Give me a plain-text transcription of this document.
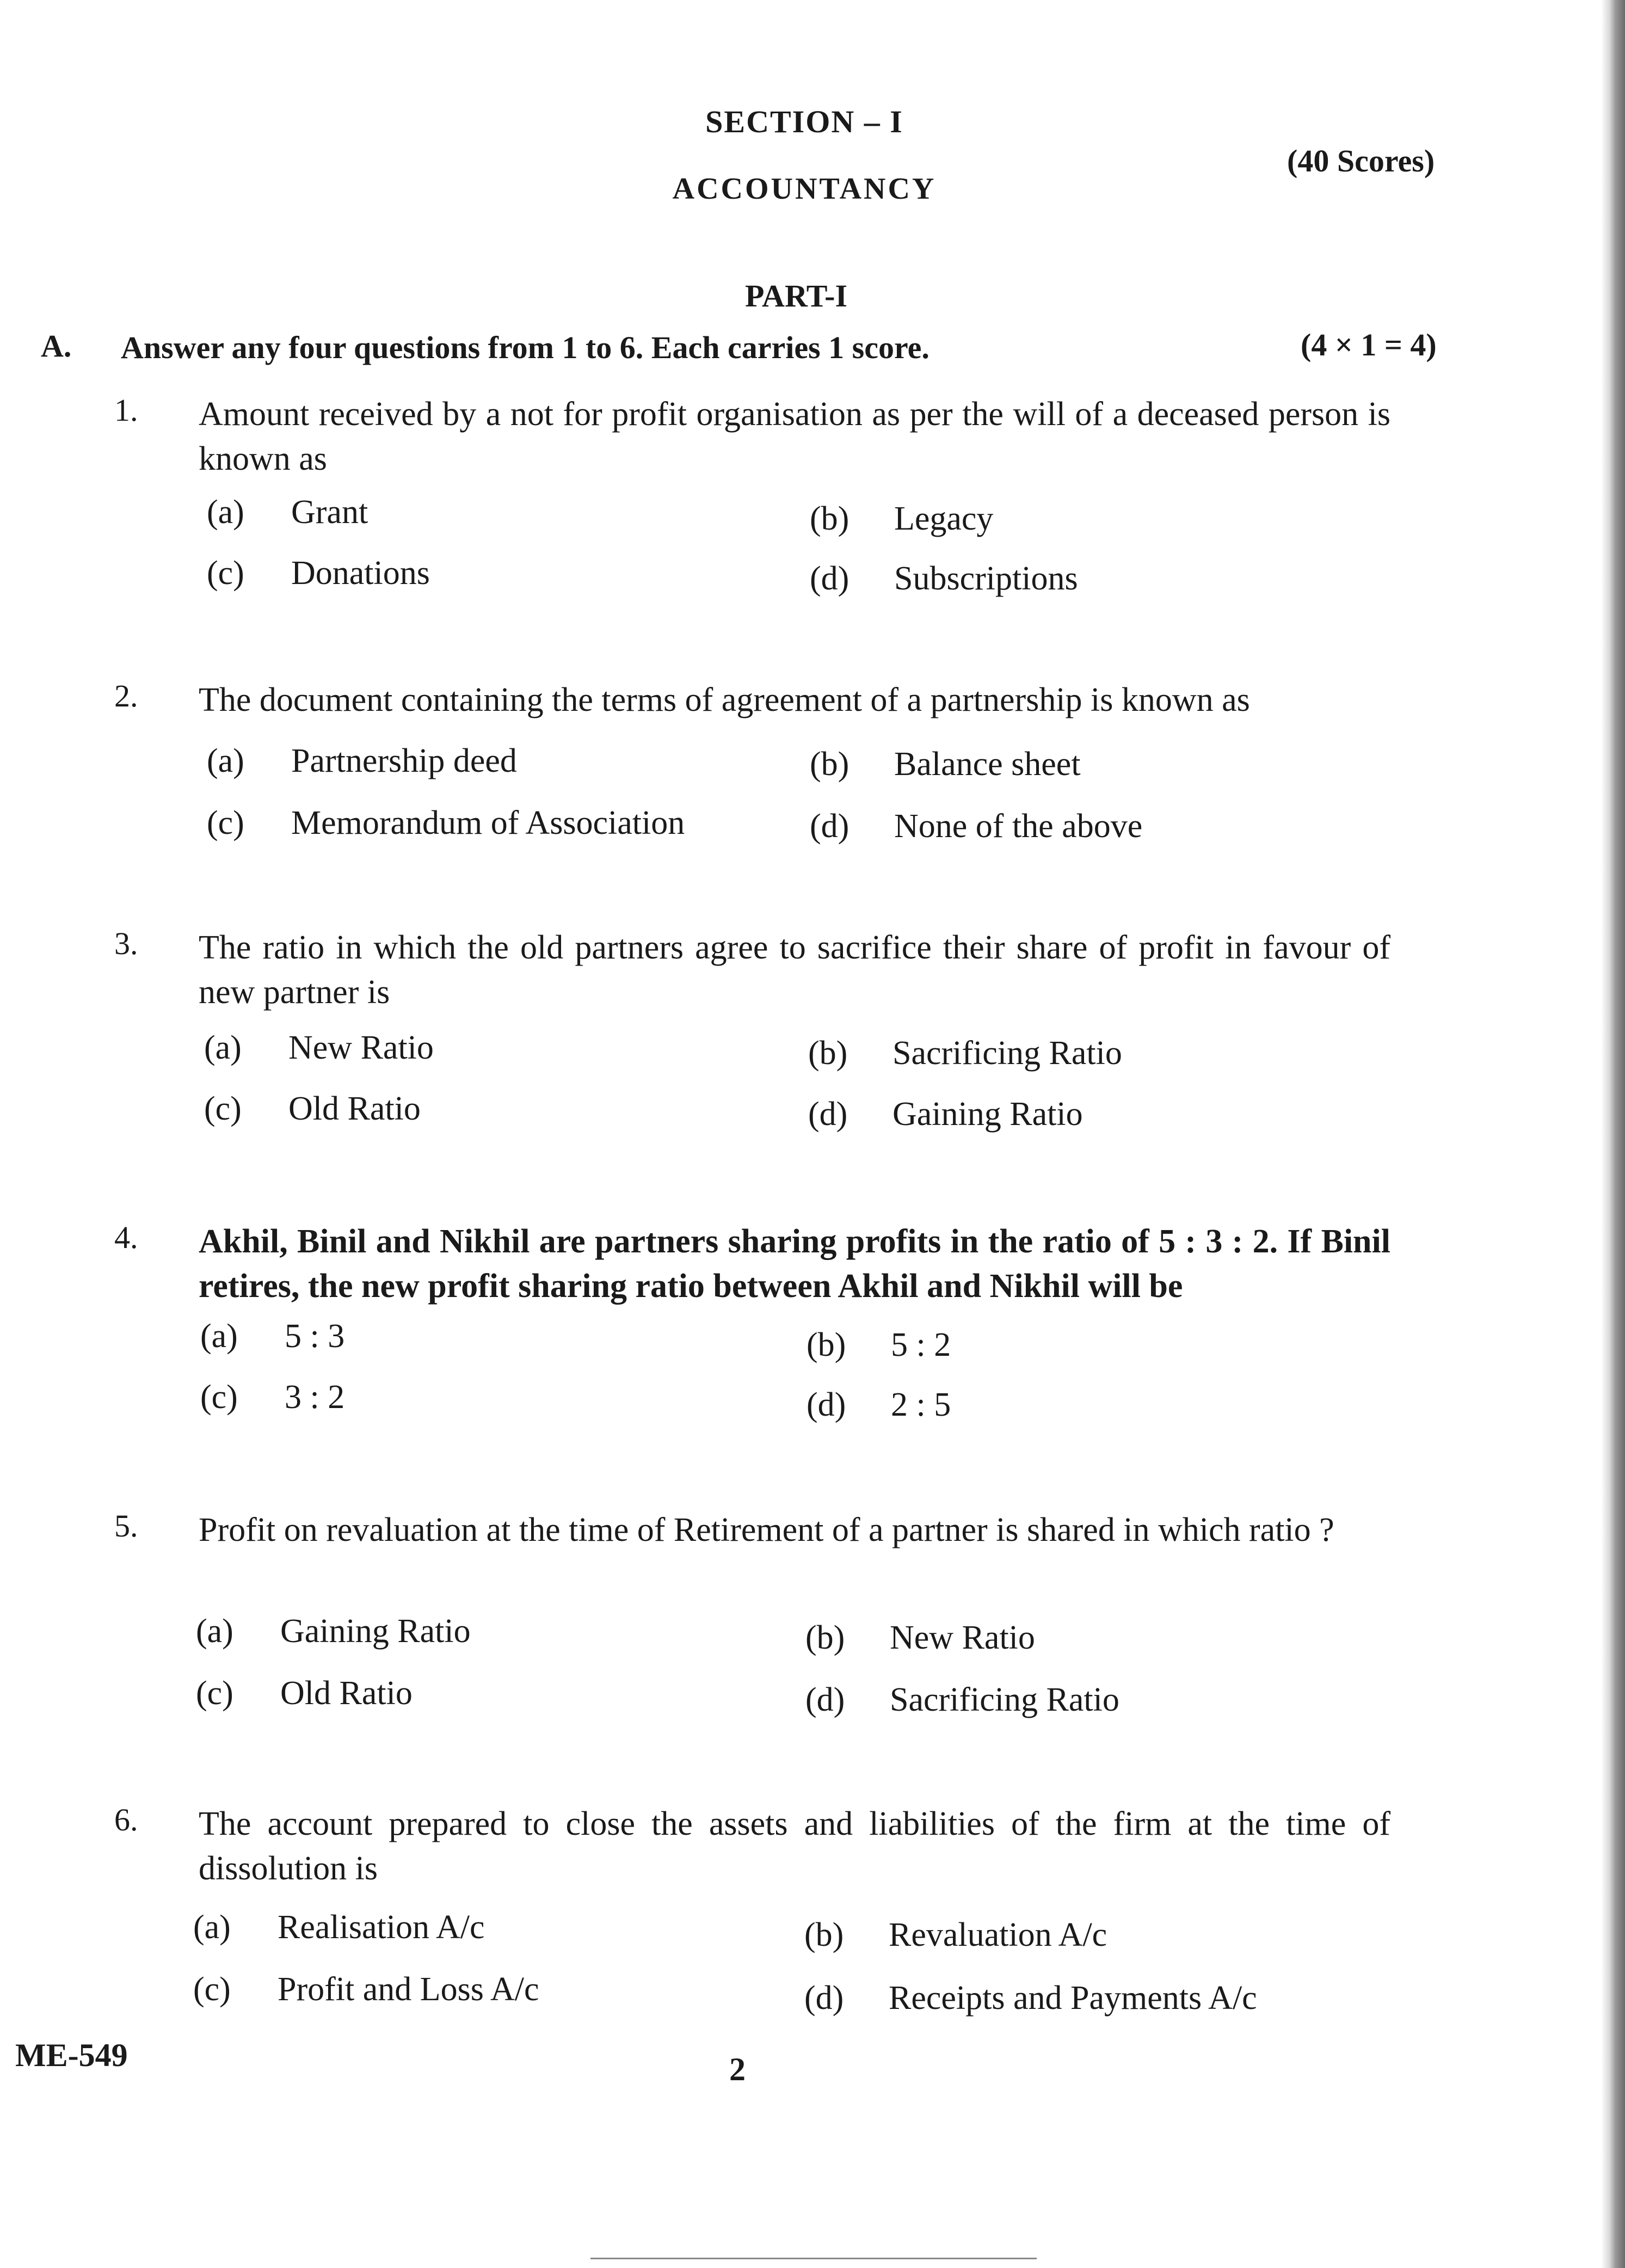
SECTION – I
ACCOUNTANCY
(40 Scores)
PART-I
A. Answer any four questions from 1 to 6. Each carries 1 score.	(4 × 1 = 4)
1. Amount received by a not for profit organisation as per the will of a deceased person is known as
(a) Grant	(b) Legacy
(c) Donations	(d) Subscriptions
2. The document containing the terms of agreement of a partnership is known as
(a) Partnership deed	(b) Balance sheet
(c) Memorandum of Association	(d) None of the above
3. The ratio in which the old partners agree to sacrifice their share of profit in favour of new partner is
(a) New Ratio	(b) Sacrificing Ratio
(c) Old Ratio	(d) Gaining Ratio
4. Akhil, Binil and Nikhil are partners sharing profits in the ratio of 5 : 3 : 2. If Binil retires, the new profit sharing ratio between Akhil and Nikhil will be
(a) 5 : 3	(b) 5 : 2
(c) 3 : 2	(d) 2 : 5
5. Profit on revaluation at the time of Retirement of a partner is shared in which ratio ?
(a) Gaining Ratio	(b) New Ratio
(c) Old Ratio	(d) Sacrificing Ratio
6. The account prepared to close the assets and liabilities of the firm at the time of dissolution is
(a) Realisation A/c	(b) Revaluation A/c
(c) Profit and Loss A/c	(d) Receipts and Payments A/c
ME-549	2
